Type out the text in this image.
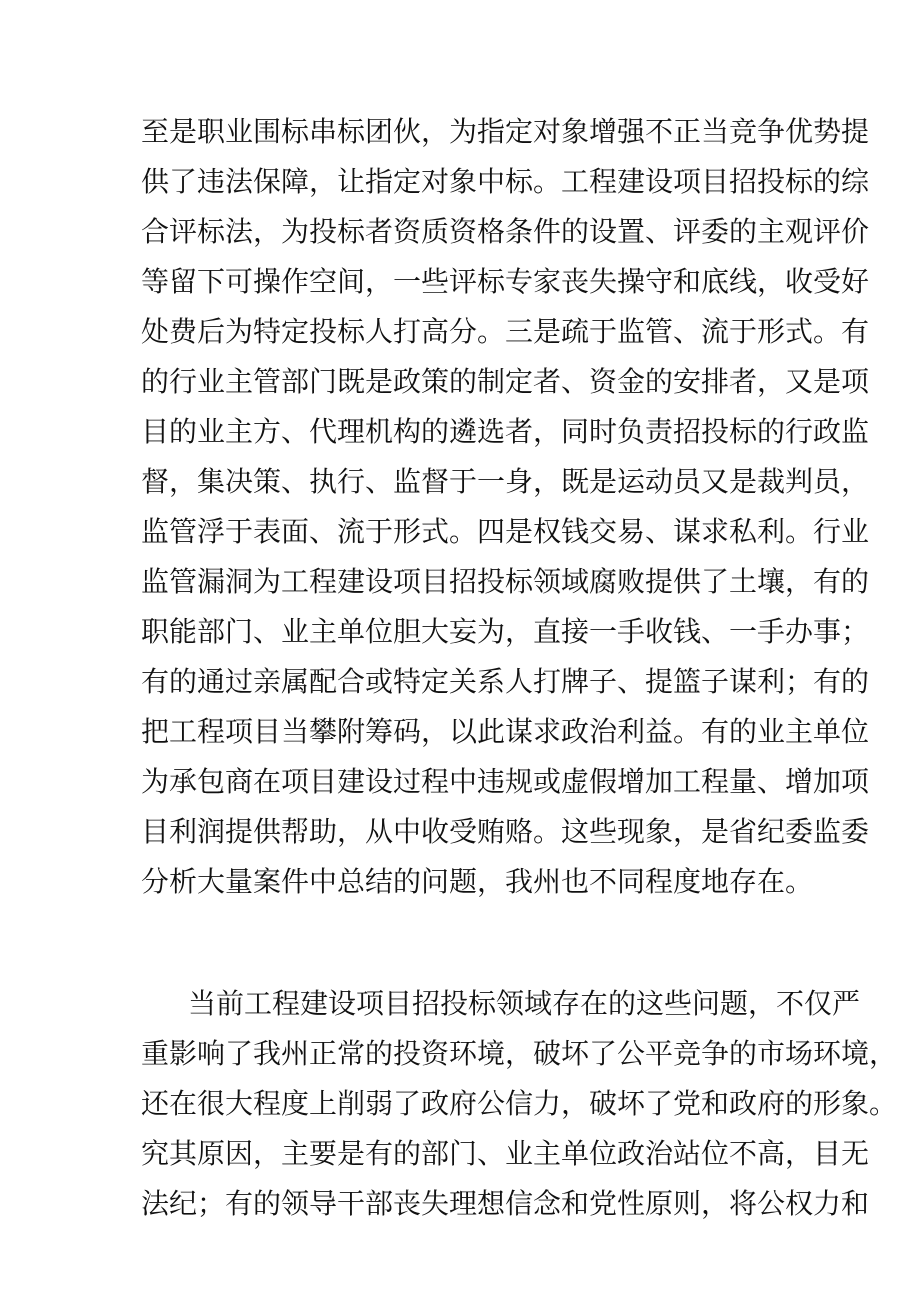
至是职业围标串标团伙，为指定对象增强不正当竞争优势提
供了违法保障，让指定对象中标。工程建设项目招投标的综
合评标法，为投标者资质资格条件的设置、评委的主观评价
等留下可操作空间，一些评标专家丧失操守和底线，收受好
处费后为特定投标人打高分。三是疏于监管、流于形式。有
的行业主管部门既是政策的制定者、资金的安排者，又是项
目的业主方、代理机构的遴选者，同时负责招投标的行政监
督，集决策、执行、监督于一身，既是运动员又是裁判员，
监管浮于表面、流于形式。四是权钱交易、谋求私利。行业
监管漏洞为工程建设项目招投标领域腐败提供了土壤，有的
职能部门、业主单位胆大妄为，直接一手收钱、一手办事；
有的通过亲属配合或特定关系人打牌子、提篮子谋利；有的
把工程项目当攀附筹码，以此谋求政治利益。有的业主单位
为承包商在项目建设过程中违规或虚假增加工程量、增加项
目利润提供帮助，从中收受贿赂。这些现象，是省纪委监委
分析大量案件中总结的问题，我州也不同程度地存在。
当前工程建设项目招投标领域存在的这些问题，不仅严
重影响了我州正常的投资环境，破坏了公平竞争的市场环境，
还在很大程度上削弱了政府公信力，破坏了党和政府的形象。
究其原因，主要是有的部门、业主单位政治站位不高，目无
法纪；有的领导干部丧失理想信念和党性原则，将公权力和
